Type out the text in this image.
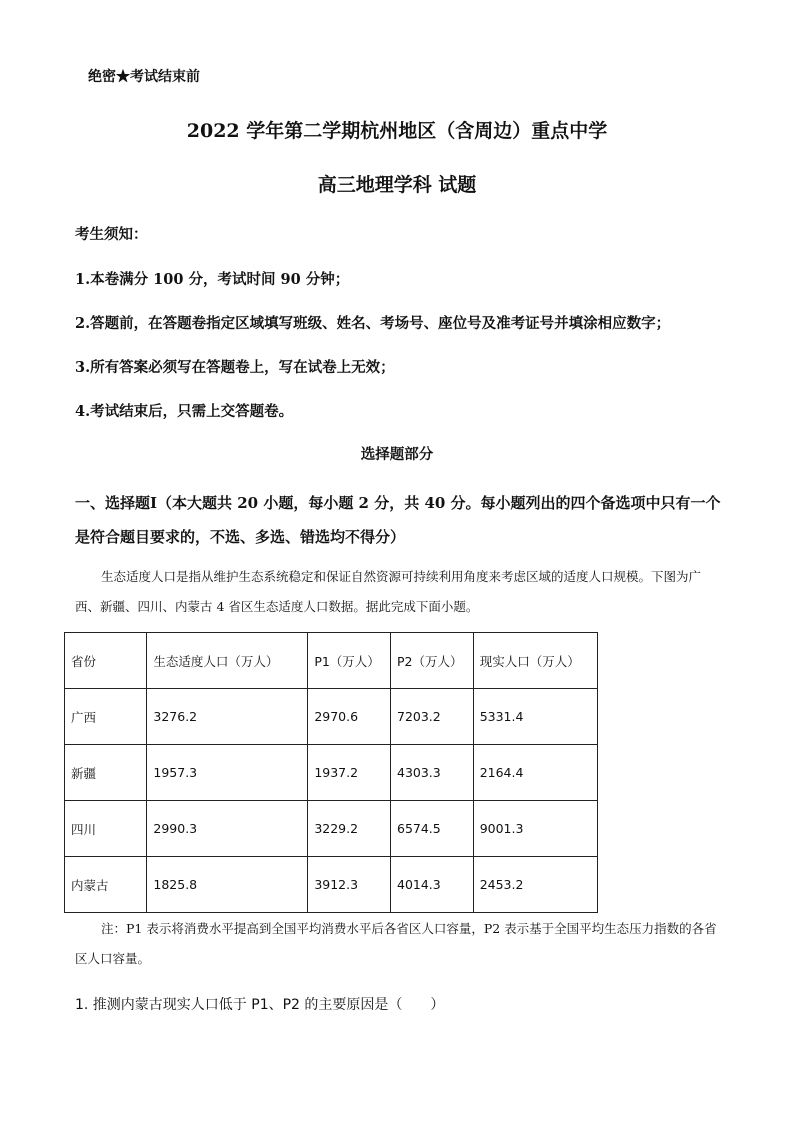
绝密★考试结束前
2022 学年第二学期杭州地区（含周边）重点中学
高三地理学科 试题
考生须知：
1.本卷满分 100 分，考试时间 90 分钟；
2.答题前，在答题卷指定区域填写班级、姓名、考场号、座位号及准考证号并填涂相应数字；
3.所有答案必须写在答题卷上，写在试卷上无效；
4.考试结束后，只需上交答题卷。
选择题部分
一、选择题Ⅰ（本大题共 20 小题，每小题 2 分，共 40 分。每小题列出的四个备选项中只有一个是符合题目要求的，不选、多选、错选均不得分）
生态适度人口是指从维护生态系统稳定和保证自然资源可持续利用角度来考虑区域的适度人口规模。下图为广西、新疆、四川、内蒙古 4 省区生态适度人口数据。据此完成下面小题。
省份	生态适度人口（万人）	P1（万人）	P2（万人）	现实人口（万人）
广西	3276.2	2970.6	7203.2	5331.4
新疆	1957.3	1937.2	4303.3	2164.4
四川	2990.3	3229.2	6574.5	9001.3
内蒙古	1825.8	3912.3	4014.3	2453.2
注：P1 表示将消费水平提高到全国平均消费水平后各省区人口容量，P2 表示基于全国平均生态压力指数的各省区人口容量。
1. 推测内蒙古现实人口低于 P1、P2 的主要原因是（　　）
